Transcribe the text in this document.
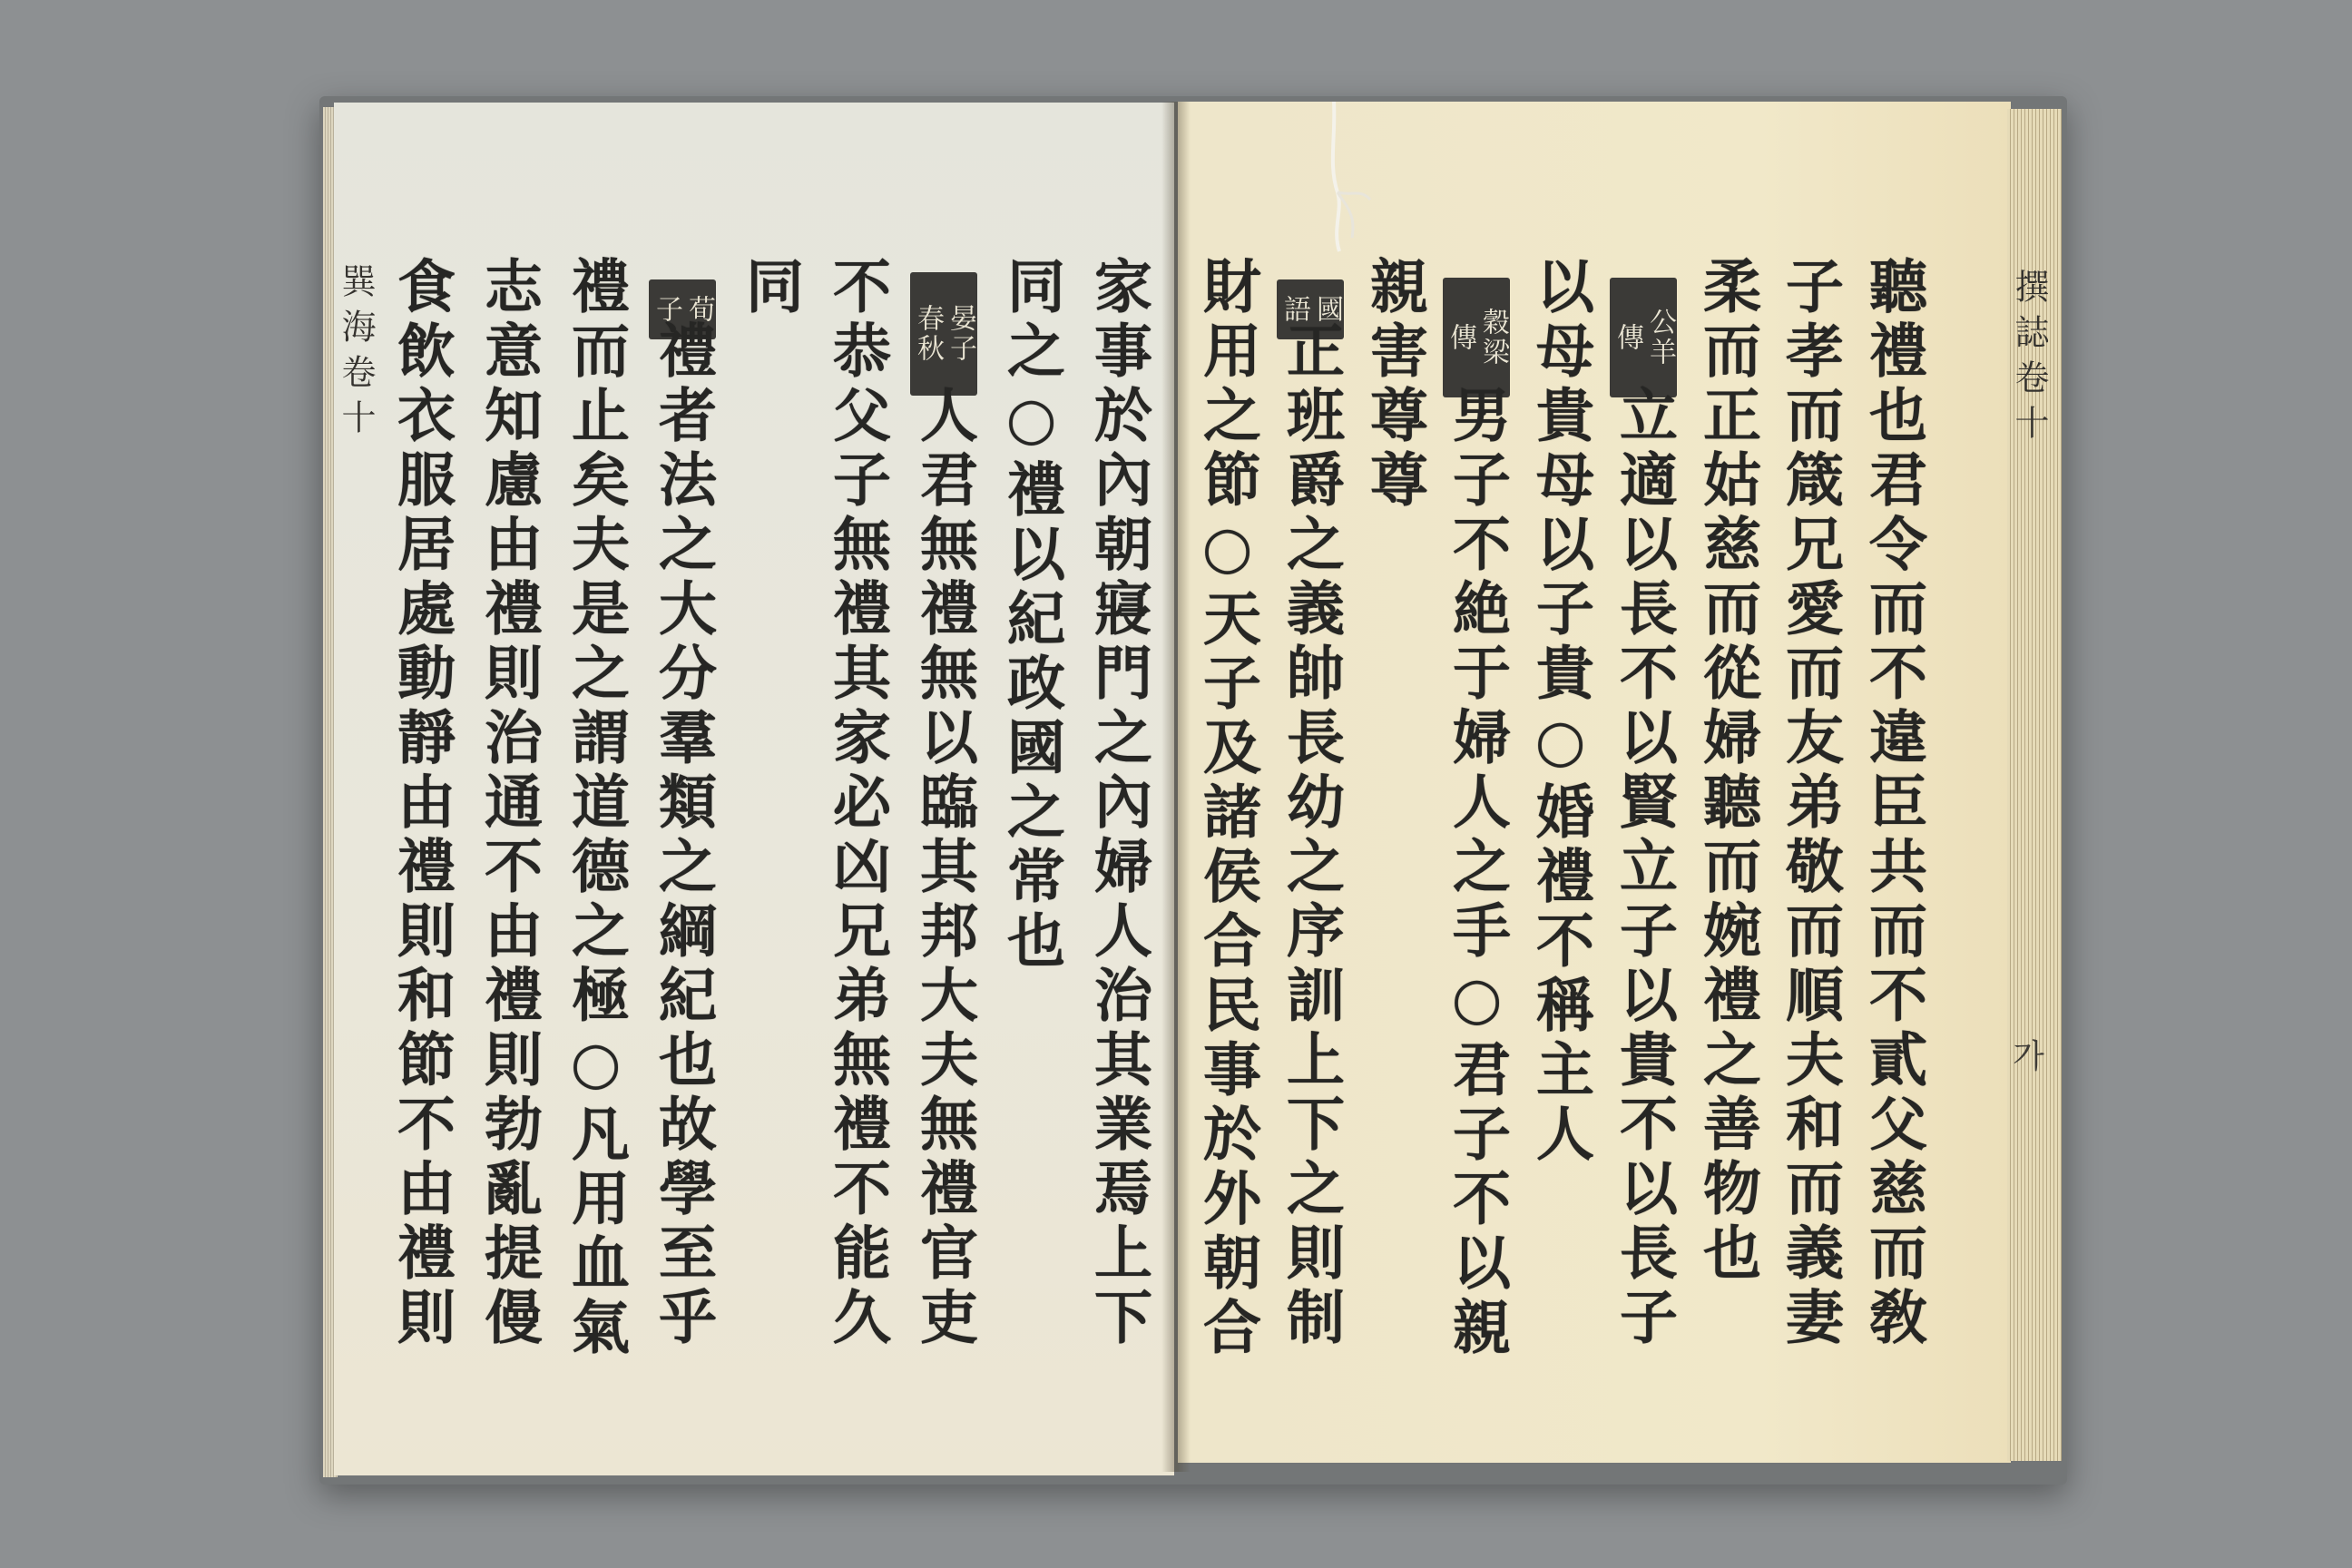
巽海卷十	家事於內朝寢門之內婦人治其業焉上下
同之○禮以紀政國之常也
晏子
春秋
人君無禮無以臨其邦大夫無禮官吏
不恭父子無禮其家必凶兄弟無禮不能久
同
荀
子
禮者法之大分羣類之綱紀也故學至乎
禮而止矣夫是之謂道德之極○凡用血氣
志意知慮由禮則治通不由禮則勃亂提僈
食飲衣服居處動靜由禮則和節不由禮則	撰誌卷十
가
聽禮也君令而不違臣共而不貳父慈而敎
子孝而箴兄愛而友弟敬而順夫和而義妻
柔而正姑慈而從婦聽而婉禮之善物也
公羊
傳
立適以長不以賢立子以貴不以長子
以母貴母以子貴○婚禮不稱主人
穀梁
傳
男子不絶于婦人之手○君子不以親
親害尊尊
國
語
正班爵之義帥長幼之序訓上下之則制
財用之節○天子及諸侯合民事於外朝合
